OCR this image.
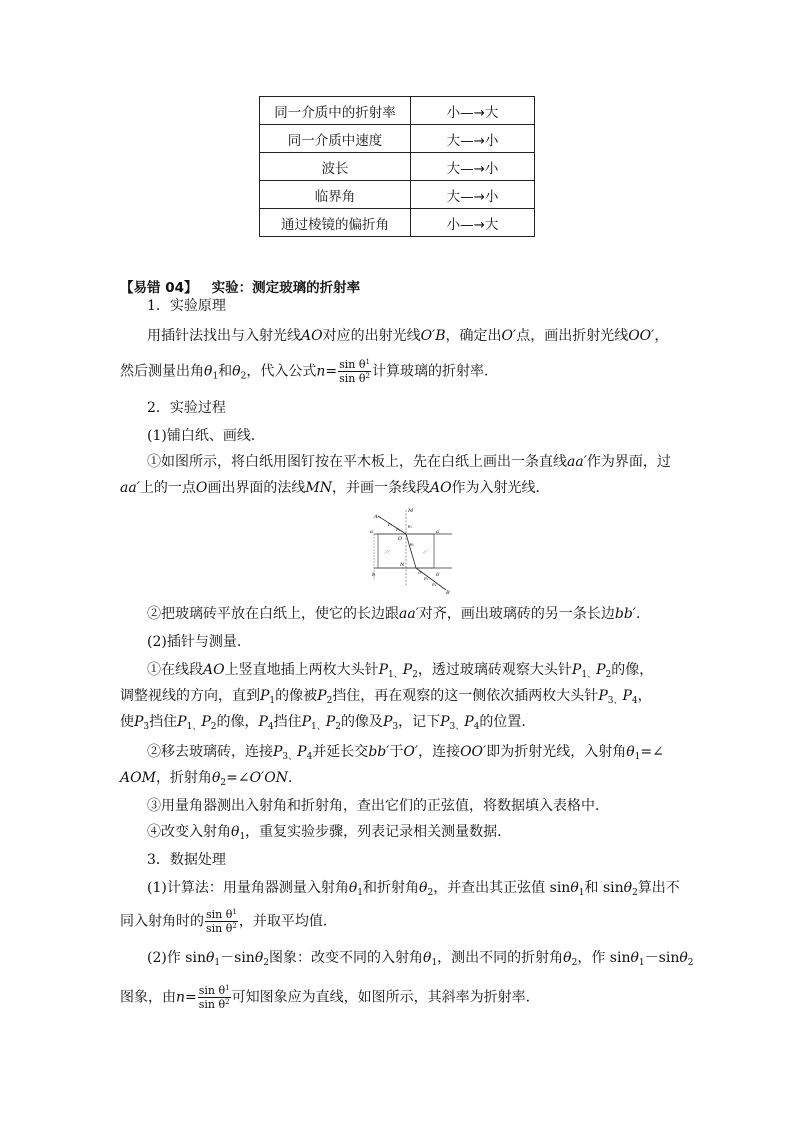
同一介质中的折射率	小—→大
同一介质中速度	大—→小
波长	大—→小
临界角	大—→小
通过棱镜的偏折角	小—→大
【易错 04】 实验：测定玻璃的折射率
1．实验原理
用插针法找出与入射光线AO对应的出射光线O′B，确定出O′点，画出折射光线OO′，
然后测量出角$\theta_1$和$\theta_2$，代入公式$n= \frac{\sin \theta^1}{\sin \theta^2}$ 计算玻璃的折射率．
2．实验过程
(1)铺白纸、画线．
①如图所示，将白纸用图钉按在平木板上，先在白纸上画出一条直线aa′作为界面，过
aa′上的一点O画出界面的法线MN，并画一条线段AO作为入射光线．
A
M
P₁
P₂
a	a′
O
θ₁
θ₂
N
b	b′
O′
P₃
P₄
B
②把玻璃砖平放在白纸上，使它的长边跟aa′对齐，画出玻璃砖的另一条长边bb′.
(2)插针与测量．
①在线段AO上竖直地插上两枚大头针$P_{1、}P_2$，透过玻璃砖观察大头针$P_{1、}P_2$的像，
调整视线的方向，直到$P_1$的像被$P_2$挡住，再在观察的这一侧依次插两枚大头针$P_{3、}P_4$，
使$P_3$挡住$P_{1、}P_2$的像，$P_4$挡住$P_{1、}P_2$的像及$P_3$，记下$P_{3、}P_4$的位置．
②移去玻璃砖，连接$P_{3、}P_4$并延长交bb′于O′，连接OO′即为折射光线，入射角$\theta_1=\angle$
AOM，折射角$\theta_2=\angle O'ON$．
③用量角器测出入射角和折射角，查出它们的正弦值，将数据填入表格中．
④改变入射角$\theta_1$，重复实验步骤，列表记录相关测量数据．
3．数据处理
(1)计算法：用量角器测量入射角$\theta_1$和折射角$\theta_2$，并查出其正弦值 sinθ$_1$和 sinθ$_2$算出不
同入射角时的 $\frac{\sin \theta^1}{\sin \theta^2}$ ，并取平均值．
(2)作 sinθ$_1$－sinθ$_2$图象：改变不同的入射角$\theta_1$，测出不同的折射角$\theta_2$，作 sinθ$_1$－sinθ$_2$
图象，由$n= \frac{\sin \theta^1}{\sin \theta^2}$ 可知图象应为直线，如图所示，其斜率为折射率．
